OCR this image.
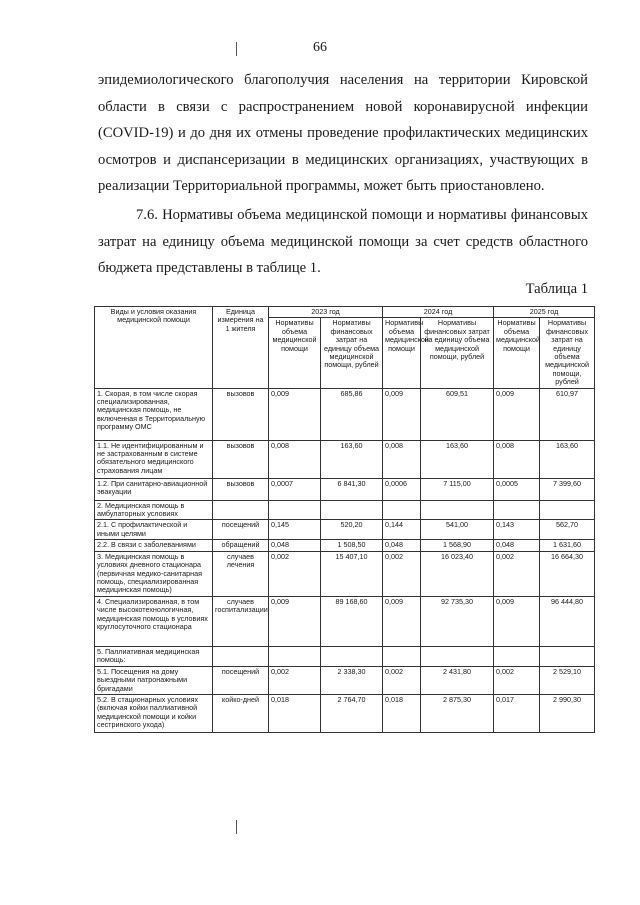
66
эпидемиологического благополучия населения на территории Кировской области в связи с распространением новой коронавирусной инфекции (COVID-19) и до дня их отмены проведение профилактических медицинских осмотров и диспансеризации в медицинских организациях, участвующих в реализации Территориальной программы, может быть приостановлено.
7.6. Нормативы объема медицинской помощи и нормативы финансовых затрат на единицу объема медицинской помощи за счет средств областного бюджета представлены в таблице 1.
Таблица 1
Виды и условия оказания медицинской помощи	Единица измерения на 1 жителя	2023 год		2024 год		2025 год	
		Нормативы объема медицинской помощи	Нормативы финансовых затрат на единицу объема медицинской помощи, рублей	Нормативы объема медицинской помощи	Нормативы финансовых затрат на единицу объема медицинской помощи, рублей	Нормативы объема медицинской помощи	Нормативы финансовых затрат на единицу объема медицинской помощи, рублей
1. Скорая, в том числе скорая специализированная, медицинская помощь, не включенная в Территориальную программу ОМС	вызовов	0,009	685,86	0,009	609,51	0,009	610,97
1.1. Не идентифицированным и не застрахованным в системе обязательного медицинского страхования лицам	вызовов	0,008	163,60	0,008	163,60	0,008	163,60
1.2. При санитарно-авиационной эвакуации	вызовов	0,0007	6 841,30	0,0006	7 115,00	0,0005	7 399,60
2. Медицинская помощь в амбулаторных условиях							
2.1. С профилактической и иными целями	посещений	0,145	520,20	0,144	541,00	0,143	562,70
2.2. В связи с заболеваниями	обращений	0,048	1 508,50	0,048	1 568,90	0,048	1 631,60
3. Медицинская помощь в условиях дневного стационара (первичная медико-санитарная помощь, специализированная медицинская помощь)	случаев лечения	0,002	15 407,10	0,002	16 023,40	0,002	16 664,30
4. Специализированная, в том числе высокотехнологичная, медицинская помощь в условиях круглосуточного стационара	случаев госпитализации	0,009	89 168,60	0,009	92 735,30	0,009	96 444,80
5. Паллиативная медицинская помощь:							
5.1. Посещения на дому выездными патронажными бригадами	посещений	0,002	2 338,30	0,002	2 431,80	0,002	2 529,10
5.2. В стационарных условиях (включая койки паллиативной медицинской помощи и койки сестринского ухода)	койко-дней	0,018	2 764,70	0,018	2 875,30	0,017	2 990,30
